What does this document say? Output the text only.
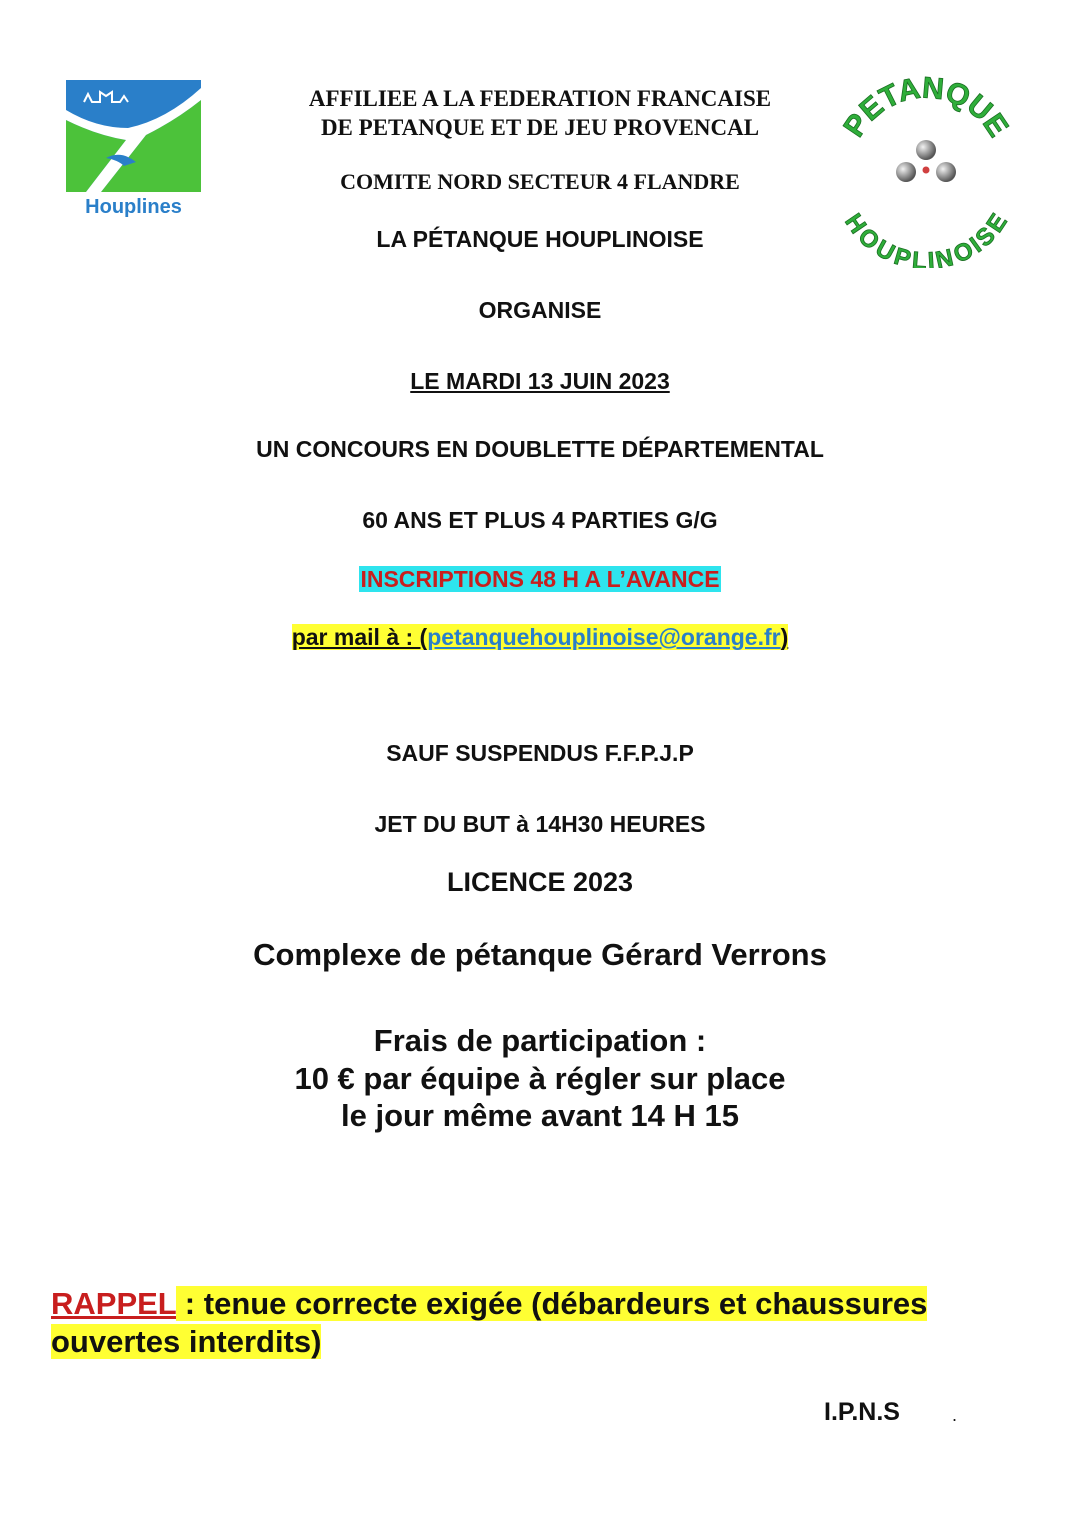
Houplines
PETANQUE
HOUPLINOISE
AFFILIEE A LA FEDERATION FRANCAISE
DE PETANQUE ET DE JEU PROVENCAL
COMITE NORD SECTEUR 4 FLANDRE
LA PÉTANQUE HOUPLINOISE
ORGANISE
LE MARDI 13 JUIN 2023
UN CONCOURS EN DOUBLETTE DÉPARTEMENTAL
60 ANS ET PLUS 4 PARTIES G/G
INSCRIPTIONS 48 H A L’AVANCE
par mail à : (petanquehouplinoise@orange.fr)
SAUF SUSPENDUS F.F.P.J.P
JET DU BUT à 14H30 HEURES
LICENCE 2023
Complexe de pétanque Gérard Verrons
Frais de participation :
10 € par équipe à régler sur place
le jour même avant 14 H 15
RAPPEL : tenue correcte exigée (débardeurs et chaussures
ouvertes interdits)
I.P.N.S	.
